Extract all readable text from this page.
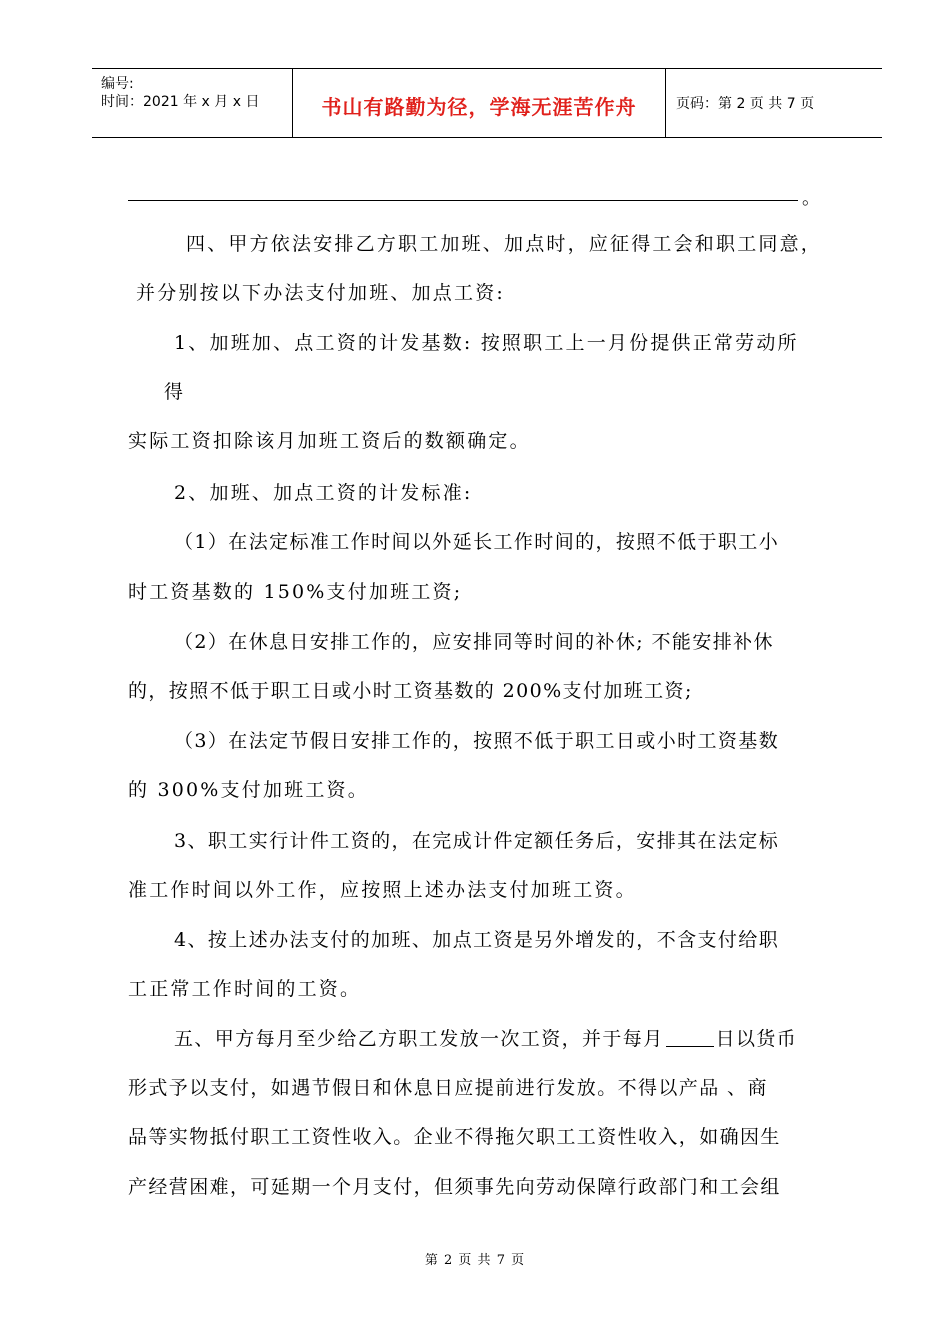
编号:
时间：2021 年 x 月 x 日	书山有路勤为径，学海无涯苦作舟	页码：第 2 页 共 7 页
。
四、甲方依法安排乙方职工加班、加点时，应征得工会和职工同意，
并分别按以下办法支付加班、加点工资:
1、加班加、点工资的计发基数: 按照职工上一月份提供正常劳动所
得
实际工资扣除该月加班工资后的数额确定。
2、加班、加点工资的计发标准:
（1）在法定标准工作时间以外延长工作时间的，按照不低于职工小
时工资基数的 150%支付加班工资;
（2）在休息日安排工作的，应安排同等时间的补休; 不能安排补休
的，按照不低于职工日或小时工资基数的 200%支付加班工资;
（3）在法定节假日安排工作的，按照不低于职工日或小时工资基数
的 300%支付加班工资。
3、职工实行计件工资的，在完成计件定额任务后，安排其在法定标
准工作时间以外工作，应按照上述办法支付加班工资。
4、按上述办法支付的加班、加点工资是另外增发的，不含支付给职
工正常工作时间的工资。
五、甲方每月至少给乙方职工发放一次工资，并于每月	日以货币
形式予以支付，如遇节假日和休息日应提前进行发放。不得以产品 、商
品等实物抵付职工工资性收入。企业不得拖欠职工工资性收入，如确因生
产经营困难，可延期一个月支付，但须事先向劳动保障行政部门和工会组
第 2 页 共 7 页
